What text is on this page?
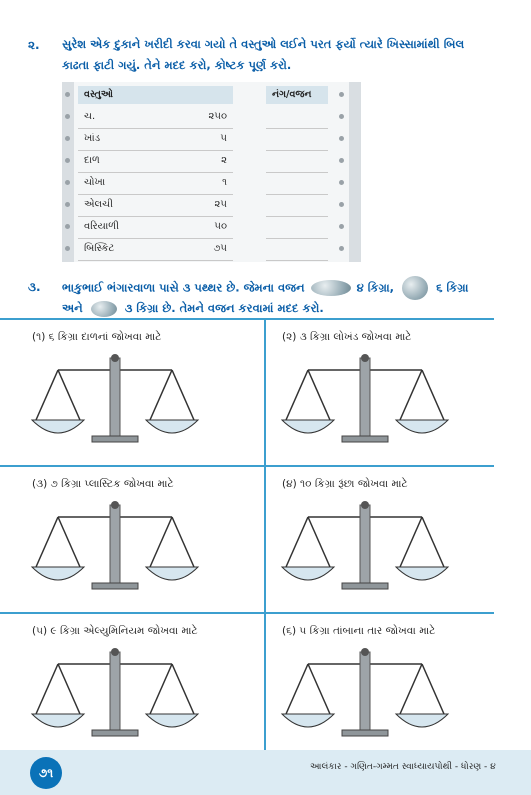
૨. સુરેશ એક દુકાને ખરીદી કરવા ગયો તે વસ્તુઓ લઈને પરત ફર્યો ત્યારે ખિસ્સામાંથી બિલ
કાઢતા ફાટી ગયું. તેને મદદ કરો, કોષ્ટક પૂર્ણ કરો.
વસ્તુઓ	નંગ/વજન
ચ.	૨૫૦
ખાંડ	૫
દાળ	૨
ચોખા	૧
એલચી	૨૫
વરિયાળી	૫૦
બિસ્કિટ	૭૫
૩. ભાકુભાઈ ભંગારવાળા પાસે ૩ પથ્થર છે. જેમના વજન	૪ કિગ્રા,	૬ કિગ્રા
અને	૩ કિગ્રા છે. તેમને વજન કરવામાં મદદ કરો.
(૧) ૬ કિગ્રા દાળનાં જોખવા માટે	(૨) ૩ કિગ્રા લોખંડ જોખવા માટે
(૩) ૭ કિગ્રા પ્લાસ્ટિક જોખવા માટે	(૪) ૧૦ કિગ્રા રૂંછા જોખવા માટે
(૫) ૯ કિગ્રા એલ્યુમિનિયમ જોખવા માટે	(૬) ૫ કિગ્રા તાંબાના તાર જોખવા માટે
૭૧	આલંકાર - ગણિત-ગમ્મત સ્વાધ્યાયપોથી - ધોરણ - ૪
